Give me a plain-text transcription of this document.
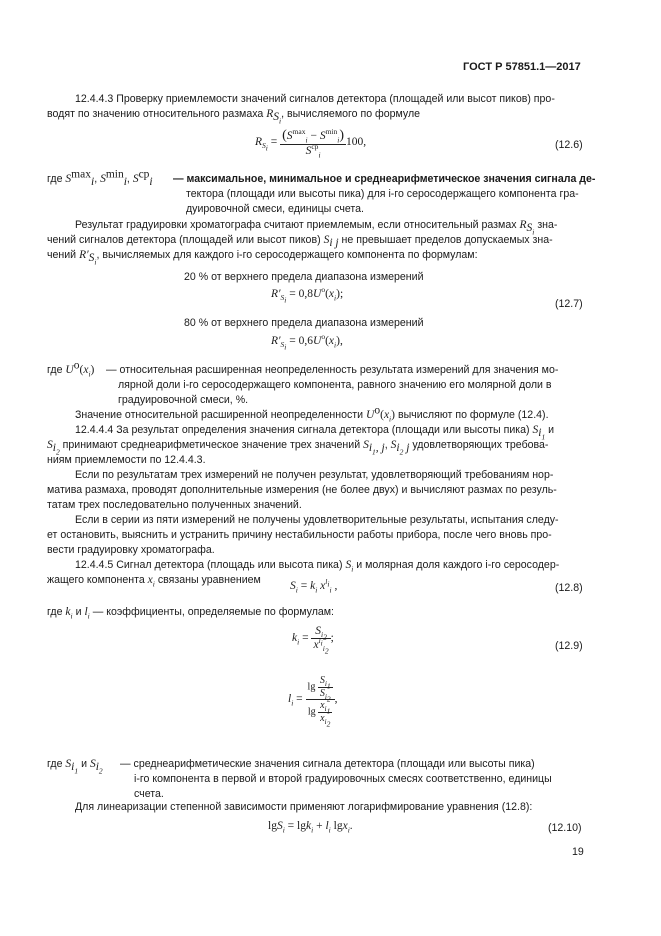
ГОСТ Р 57851.1—2017
12.4.4.3 Проверку приемлемости значений сигналов детектора (площадей или высот пиков) про-
водят по значению относительного размаха $R_{S_i}$, вычисляемого по формуле
$R_{S_i} = \frac{(S^{max}_i - S^{min}_i)}{S^{ср}_i} 100$,	(12.6)
где $S^{max}_i$, $S^{min}_i$, $S^{ср}_i$ — максимальное, минимальное и среднеарифметическое значения сигнала де-
тектора (площади или высоты пика) для i-го серосодержащего компонента гра-
дуировочной смеси, единицы счета.
Результат градуировки хроматографа считают приемлемым, если относительный размах $R_{S_i}$ зна-
чений сигналов детектора (площадей или высот пиков) $S_{i j}$ не превышает пределов допускаемых зна-
чений $R'_{S_i}$, вычисляемых для каждого i-го серосодержащего компонента по формулам:
20 % от верхнего предела диапазона измерений
$R'_{S_i} = 0,8U^o(x_i)$;
(12.7)
80 % от верхнего предела диапазона измерений
$R'_{S_i} = 0,6U^o(x_i)$,
где $U^o(x_i)$ — относительная расширенная неопределенность результата измерений для значения мо-
лярной доли i-го серосодержащего компонента, равного значению его молярной доли в
градуировочной смеси, %.
Значение относительной расширенной неопределенности $U^o(x_i)$ вычисляют по формуле (12.4).
12.4.4.4 За результат определения значения сигнала детектора (площади или высоты пика) $S_{i_1}$ и
$S_{i_2}$ принимают среднеарифметическое значение трех значений $S_{i_1, j}$, $S_{i_2 j}$ удовлетворяющих требова-
ниям приемлемости по 12.4.4.3.
Если по результатам трех измерений не получен результат, удовлетворяющий требованиям нор-
матива размаха, проводят дополнительные измерения (не более двух) и вычисляют размах по резуль-
татам трех последовательно полученных значений.
Если в серии из пяти измерений не получены удовлетворительные результаты, испытания следу-
ет остановить, выяснить и устранить причину нестабильности работы прибора, после чего вновь про-
вести градуировку хроматографа.
12.4.4.5 Сигнал детектора (площадь или высота пика) $S_i$ и молярная доля каждого i-го серосодер-
жащего компонента $x_i$ связаны уравнением	$S_i = k_i$ $x^{l_i}_i$ ,	(12.8)
где $k_i$ и $l_i$ — коэффициенты, определяемые по формулам:
$k_i = \frac{S_{i_2}}{x^{l_i}_{i_2}}$ ;
(12.9)
$l_i = \frac{\lg \frac{S_{i_1}}{S_{i_2}}}{\lg \frac{x_{i_1}}{x_{i_2}}}$ ,
где $S_{i_1}$ и $S_{i_2}$
— среднеарифметические значения сигнала детектора (площади или высоты пика)
i-го компонента в первой и второй градуировочных смесях соответственно, единицы
счета.
Для линеаризации степенной зависимости применяют логарифмирование уравнения (12.8):
$\lg S_i = \lg k_i + l_i$ lgx$_i$.	(12.10)
19
